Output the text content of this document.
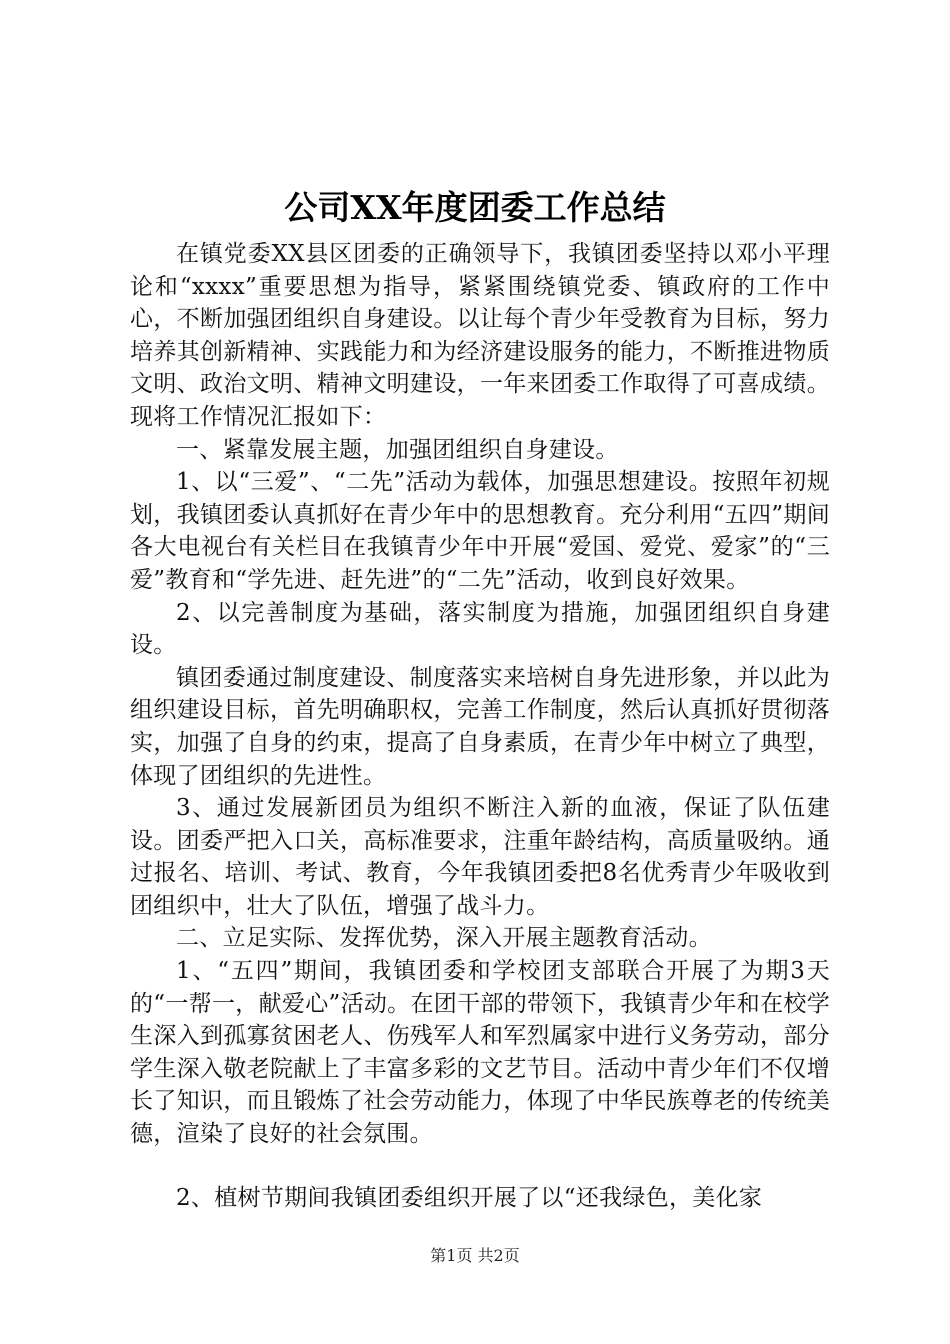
公司XX年度团委工作总结

在镇党委XX县区团委的正确领导下，我镇团委坚持以邓小平理论和“xxxx”重要思想为指导，紧紧围绕镇党委、镇政府的工作中心，不断加强团组织自身建设。以让每个青少年受教育为目标，努力培养其创新精神、实践能力和为经济建设服务的能力，不断推进物质文明、政治文明、精神文明建设，一年来团委工作取得了可喜成绩。现将工作情况汇报如下：

一、紧靠发展主题，加强团组织自身建设。

1、以“三爱”、“二先”活动为载体，加强思想建设。按照年初规划，我镇团委认真抓好在青少年中的思想教育。充分利用“五四”期间各大电视台有关栏目在我镇青少年中开展“爱国、爱党、爱家”的“三爱”教育和“学先进、赶先进”的“二先”活动，收到良好效果。

2、以完善制度为基础，落实制度为措施，加强团组织自身建设。

镇团委通过制度建设、制度落实来培树自身先进形象，并以此为组织建设目标，首先明确职权，完善工作制度，然后认真抓好贯彻落实，加强了自身的约束，提高了自身素质，在青少年中树立了典型，体现了团组织的先进性。

3、通过发展新团员为组织不断注入新的血液，保证了队伍建设。团委严把入口关，高标准要求，注重年龄结构，高质量吸纳。通过报名、培训、考试、教育，今年我镇团委把8名优秀青少年吸收到团组织中，壮大了队伍，增强了战斗力。

二、立足实际、发挥优势，深入开展主题教育活动。

1、“五四”期间，我镇团委和学校团支部联合开展了为期3天的“一帮一，献爱心”活动。在团干部的带领下，我镇青少年和在校学生深入到孤寡贫困老人、伤残军人和军烈属家中进行义务劳动，部分学生深入敬老院献上了丰富多彩的文艺节目。活动中青少年们不仅增长了知识，而且锻炼了社会劳动能力，体现了中华民族尊老的传统美德，渲染了良好的社会氛围。

2、植树节期间我镇团委组织开展了以“还我绿色，美化家

第1页 共2页
